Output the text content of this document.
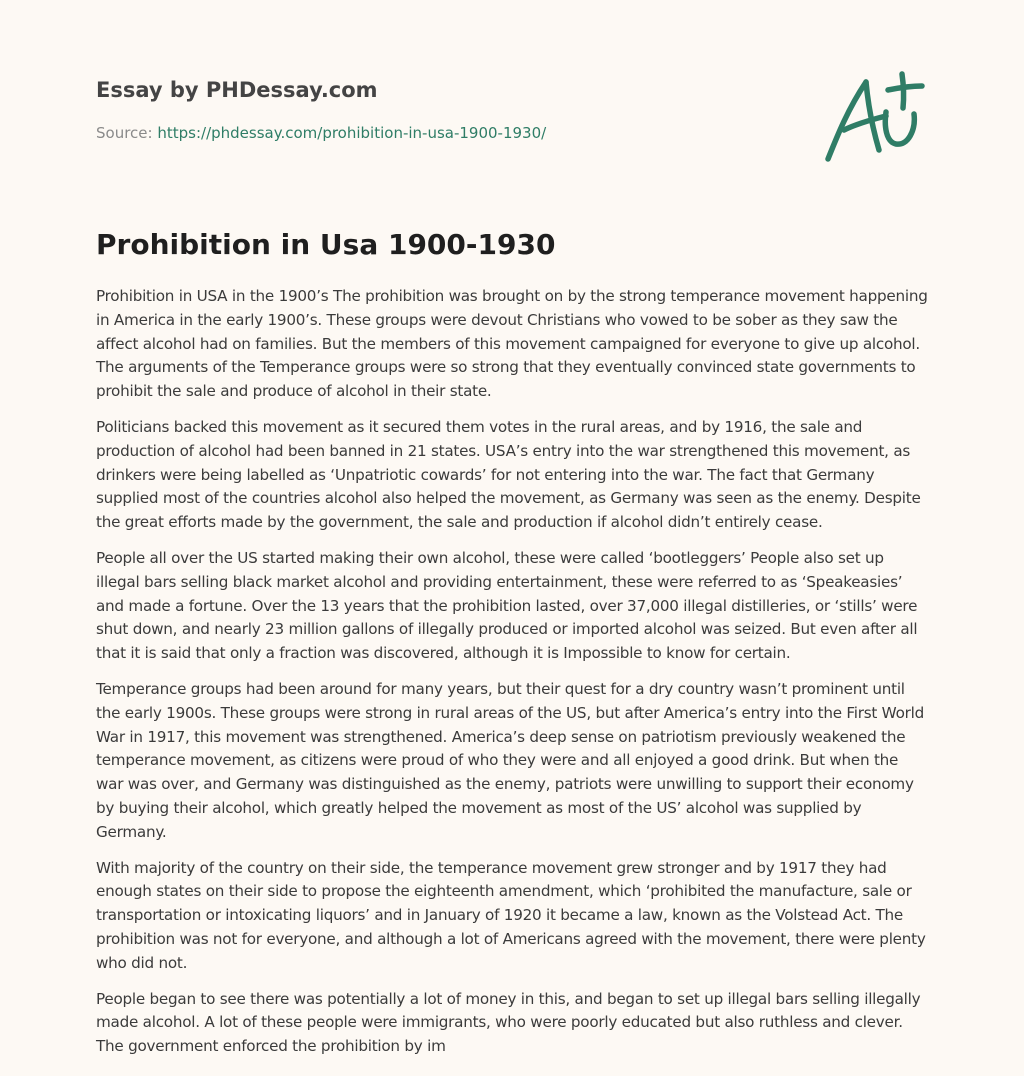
Essay by PHDessay.com
Source: https://phdessay.com/prohibition-in-usa-1900-1930/
Prohibition in Usa 1900-1930

Prohibition in USA in the 1900’s The prohibition was brought on by the strong temperance movement happening in America in the early 1900’s. These groups were devout Christians who vowed to be sober as they saw the affect alcohol had on families. But the members of this movement campaigned for everyone to give up alcohol. The arguments of the Temperance groups were so strong that they eventually convinced state governments to prohibit the sale and produce of alcohol in their state.

Politicians backed this movement as it secured them votes in the rural areas, and by 1916, the sale and production of alcohol had been banned in 21 states. USA’s entry into the war strengthened this movement, as drinkers were being labelled as ‘Unpatriotic cowards’ for not entering into the war. The fact that Germany supplied most of the countries alcohol also helped the movement, as Germany was seen as the enemy. Despite the great efforts made by the government, the sale and production if alcohol didn’t entirely cease.

People all over the US started making their own alcohol, these were called ‘bootleggers’ People also set up illegal bars selling black market alcohol and providing entertainment, these were referred to as ‘Speakeasies’ and made a fortune. Over the 13 years that the prohibition lasted, over 37,000 illegal distilleries, or ‘stills’ were shut down, and nearly 23 million gallons of illegally produced or imported alcohol was seized. But even after all that it is said that only a fraction was discovered, although it is Impossible to know for certain.

Temperance groups had been around for many years, but their quest for a dry country wasn’t prominent until the early 1900s. These groups were strong in rural areas of the US, but after America’s entry into the First World War in 1917, this movement was strengthened. America’s deep sense on patriotism previously weakened the temperance movement, as citizens were proud of who they were and all enjoyed a good drink. But when the war was over, and Germany was distinguished as the enemy, patriots were unwilling to support their economy by buying their alcohol, which greatly helped the movement as most of the US’ alcohol was supplied by Germany.

With majority of the country on their side, the temperance movement grew stronger and by 1917 they had enough states on their side to propose the eighteenth amendment, which ‘prohibited the manufacture, sale or transportation or intoxicating liquors’ and in January of 1920 it became a law, known as the Volstead Act. The prohibition was not for everyone, and although a lot of Americans agreed with the movement, there were plenty who did not.

People began to see there was potentially a lot of money in this, and began to set up illegal bars selling illegally made alcohol. A lot of these people were immigrants, who were poorly educated but also ruthless and clever. The government enforced the prohibition by im
